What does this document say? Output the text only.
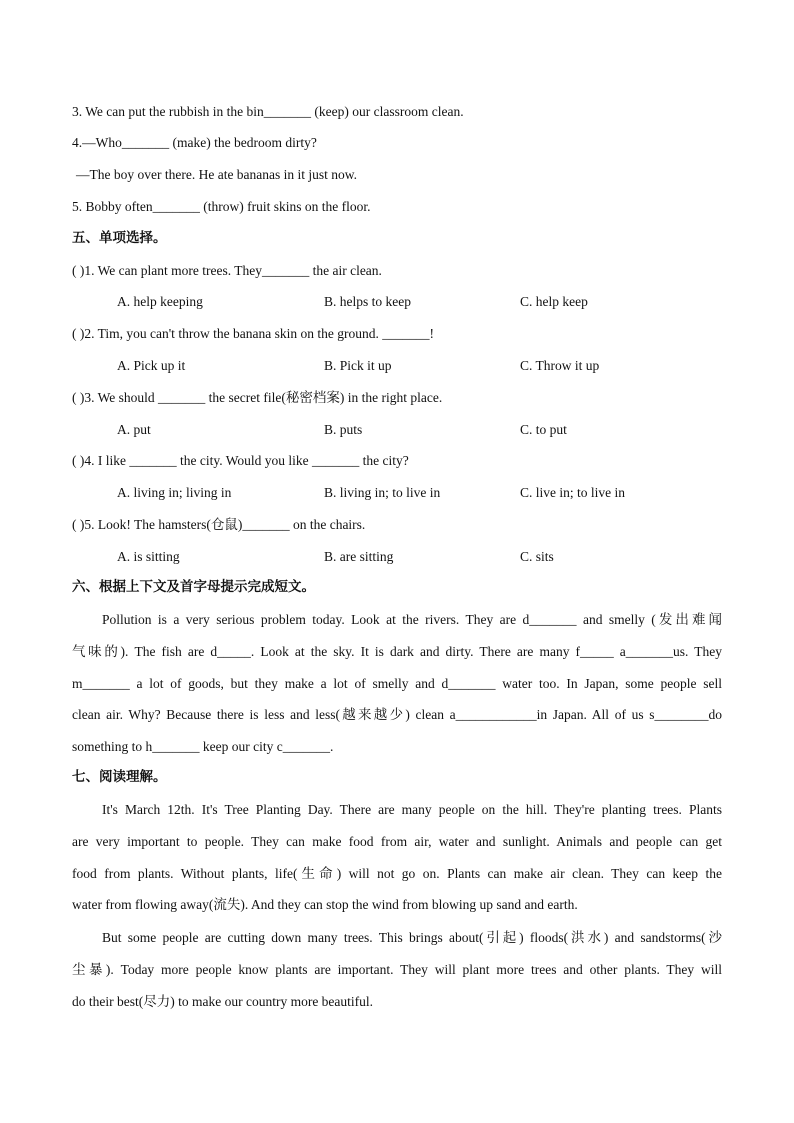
3. We can put the rubbish in the bin_______ (keep) our classroom clean.
4.—Who_______ (make) the bedroom dirty?
—The boy over there. He ate bananas in it just now.
5. Bobby often_______ (throw) fruit skins on the floor.
五、单项选择。
( )1. We can plant more trees. They_______ the air clean.
A. help keeping	B. helps to keep	C. help keep
( )2. Tim, you can't throw the banana skin on the ground. _______!
A. Pick up it	B. Pick it up	C. Throw it up
( )3. We should _______ the secret file(秘密档案) in the right place.
A. put	B. puts	C. to put
( )4. I like _______ the city. Would you like _______ the city?
A. living in; living in	B. living in; to live in	C. live in; to live in
( )5. Look! The hamsters(仓鼠)_______ on the chairs.
A. is sitting	B. are sitting	C. sits
六、根据上下文及首字母提示完成短文。
Pollution is a very serious problem today. Look at the rivers. They are d_______ and smelly (发出难闻
气味的). The fish are d_____. Look at the sky. It is dark and dirty. There are many f_____ a_______us. They
m_______ a lot of goods, but they make a lot of smelly and d_______ water too. In Japan, some people sell
clean air. Why? Because there is less and less(越来越少) clean a____________in Japan. All of us s________do
something to h_______ keep our city c_______.
七、阅读理解。
It's March 12th. It's Tree Planting Day. There are many people on the hill. They're planting trees. Plants
are very important to people. They can make food from air, water and sunlight. Animals and people can get
food from plants. Without plants, life(生命) will not go on. Plants can make air clean. They can keep the
water from flowing away(流失). And they can stop the wind from blowing up sand and earth.
But some people are cutting down many trees. This brings about(引起) floods(洪水) and sandstorms(沙
尘暴). Today more people know plants are important. They will plant more trees and other plants. They will
do their best(尽力) to make our country more beautiful.
